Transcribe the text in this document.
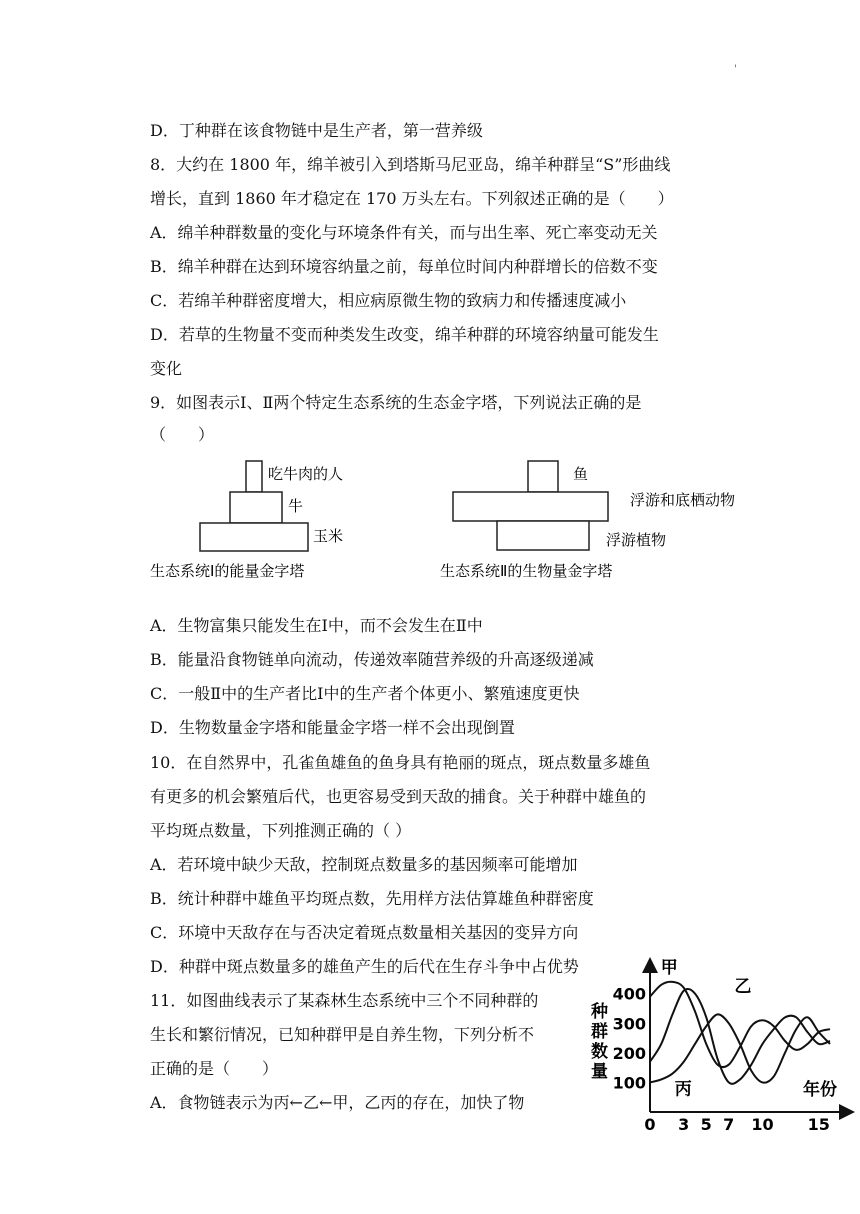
'
D．丁种群在该食物链中是生产者，第一营养级
8．大约在 1800 年，绵羊被引入到塔斯马尼亚岛，绵羊种群呈“S”形曲线
增长，直到 1860 年才稳定在 170 万头左右。下列叙述正确的是（　　）
A．绵羊种群数量的变化与环境条件有关，而与出生率、死亡率变动无关
B．绵羊种群在达到环境容纳量之前，每单位时间内种群增长的倍数不变
C．若绵羊种群密度增大，相应病原微生物的致病力和传播速度减小
D．若草的生物量不变而种类发生改变，绵羊种群的环境容纳量可能发生
变化
9．如图表示Ⅰ、Ⅱ两个特定生态系统的生态金字塔，下列说法正确的是
（　　）
吃牛肉的人
牛
玉米
生态系统Ⅰ的能量金字塔
鱼
浮游和底栖动物
浮游植物
生态系统Ⅱ的生物量金字塔
A．生物富集只能发生在Ⅰ中，而不会发生在Ⅱ中
B．能量沿食物链单向流动，传递效率随营养级的升高逐级递减
C．一般Ⅱ中的生产者比Ⅰ中的生产者个体更小、繁殖速度更快
D．生物数量金字塔和能量金字塔一样不会出现倒置
10．在自然界中，孔雀鱼雄鱼的鱼身具有艳丽的斑点，斑点数量多雄鱼
有更多的机会繁殖后代，也更容易受到天敌的捕食。关于种群中雄鱼的
平均斑点数量，下列推测正确的（ ）
A．若环境中缺少天敌，控制斑点数量多的基因频率可能增加
B．统计种群中雄鱼平均斑点数，先用样方法估算雄鱼种群密度
C．环境中天敌存在与否决定着斑点数量相关基因的变异方向
D．种群中斑点数量多的雄鱼产生的后代在生存斗争中占优势
11．如图曲线表示了某森林生态系统中三个不同种群的
生长和繁衍情况，已知种群甲是自养生物，下列分析不
正确的是（　　）
A．食物链表示为丙←乙←甲，乙丙的存在，加快了物
种
群
数
量
年份
100
200
300
400
0 3 5 7 10 15
甲
乙
丙
